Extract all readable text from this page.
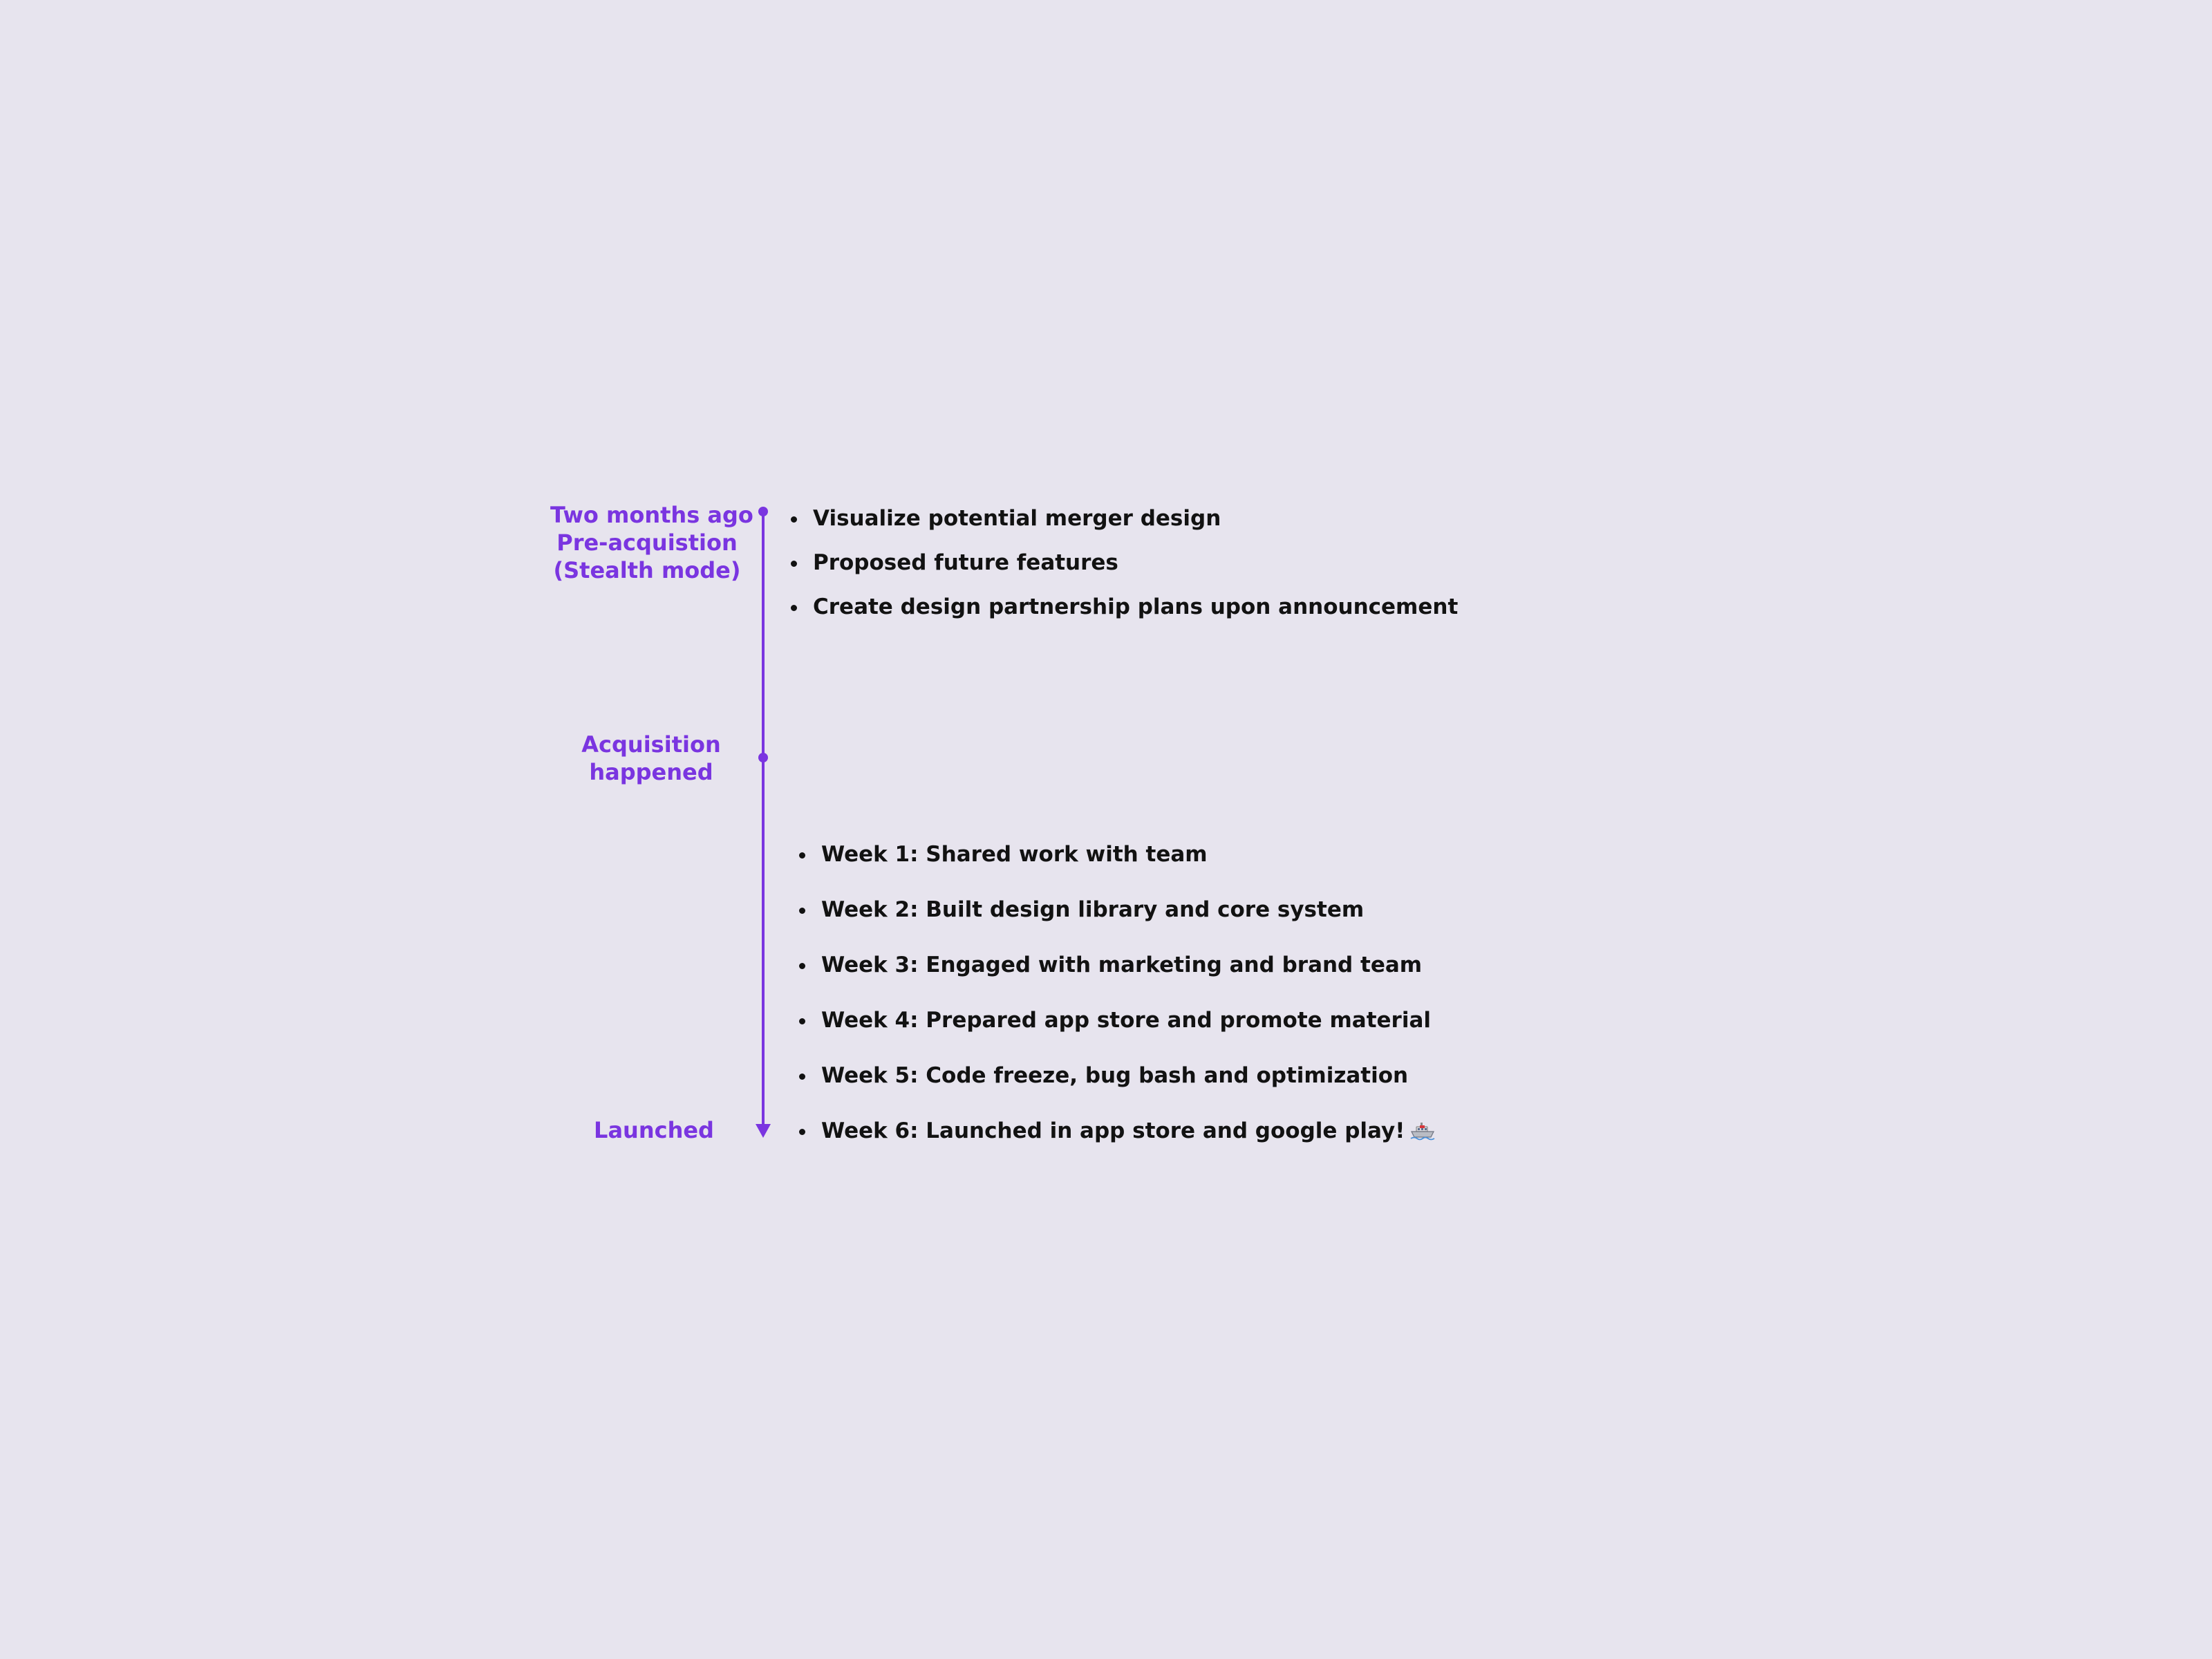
Two months ago
Pre-acquistion
(Stealth mode)
Acquisition
happened
Launched
Visualize potential merger design
Proposed future features
Create design partnership plans upon announcement
Week 1: Shared work with team
Week 2: Built design library and core system
Week 3: Engaged with marketing and brand team
Week 4: Prepared app store and promote material
Week 5: Code freeze, bug bash and optimization
Week 6: Launched in app store and google play!
